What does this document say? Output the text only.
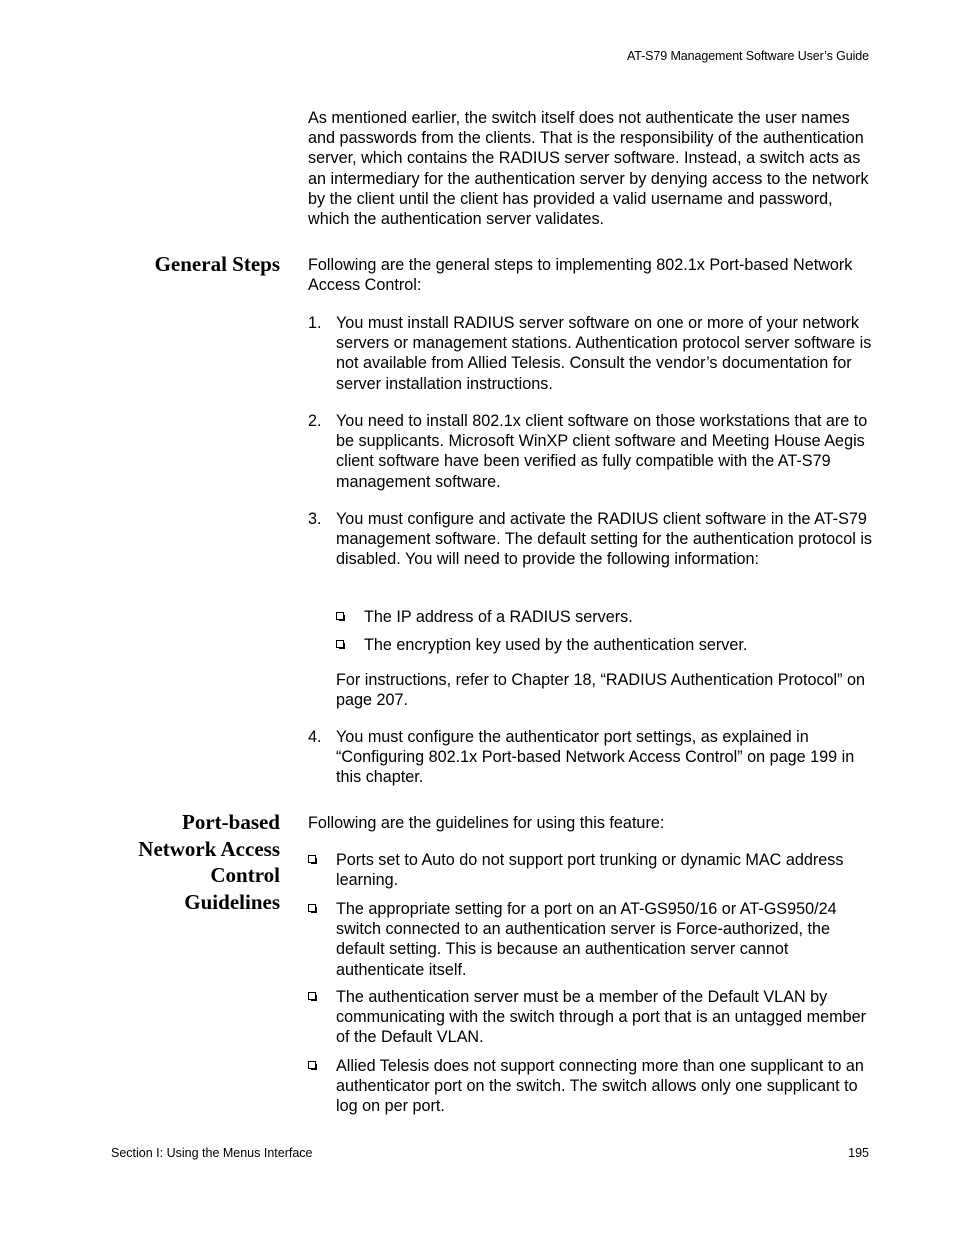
AT-S79 Management Software User’s Guide

As mentioned earlier, the switch itself does not authenticate the user names and passwords from the clients. That is the responsibility of the authentication server, which contains the RADIUS server software. Instead, a switch acts as an intermediary for the authentication server by denying access to the network by the client until the client has provided a valid username and password, which the authentication server validates.

General Steps Following are the general steps to implementing 802.1x Port-based Network Access Control:

1. You must install RADIUS server software on one or more of your network servers or management stations. Authentication protocol server software is not available from Allied Telesis. Consult the vendor’s documentation for server installation instructions.

2. You need to install 802.1x client software on those workstations that are to be supplicants. Microsoft WinXP client software and Meeting House Aegis client software have been verified as fully compatible with the AT-S79 management software.

3. You must configure and activate the RADIUS client software in the AT-S79 management software. The default setting for the authentication protocol is disabled. You will need to provide the following information:

The IP address of a RADIUS servers.

The encryption key used by the authentication server.

For instructions, refer to Chapter 18, “RADIUS Authentication Protocol” on page 207.

4. You must configure the authenticator port settings, as explained in “Configuring 802.1x Port-based Network Access Control” on page 199 in this chapter.

Port-based
Network Access
Control
Guidelines

Following are the guidelines for using this feature:

Ports set to Auto do not support port trunking or dynamic MAC address learning.

The appropriate setting for a port on an AT-GS950/16 or AT-GS950/24 switch connected to an authentication server is Force-authorized, the default setting. This is because an authentication server cannot authenticate itself.

The authentication server must be a member of the Default VLAN by communicating with the switch through a port that is an untagged member of the Default VLAN.

Allied Telesis does not support connecting more than one supplicant to an authenticator port on the switch. The switch allows only one supplicant to log on per port.

Section I: Using the Menus Interface	195
